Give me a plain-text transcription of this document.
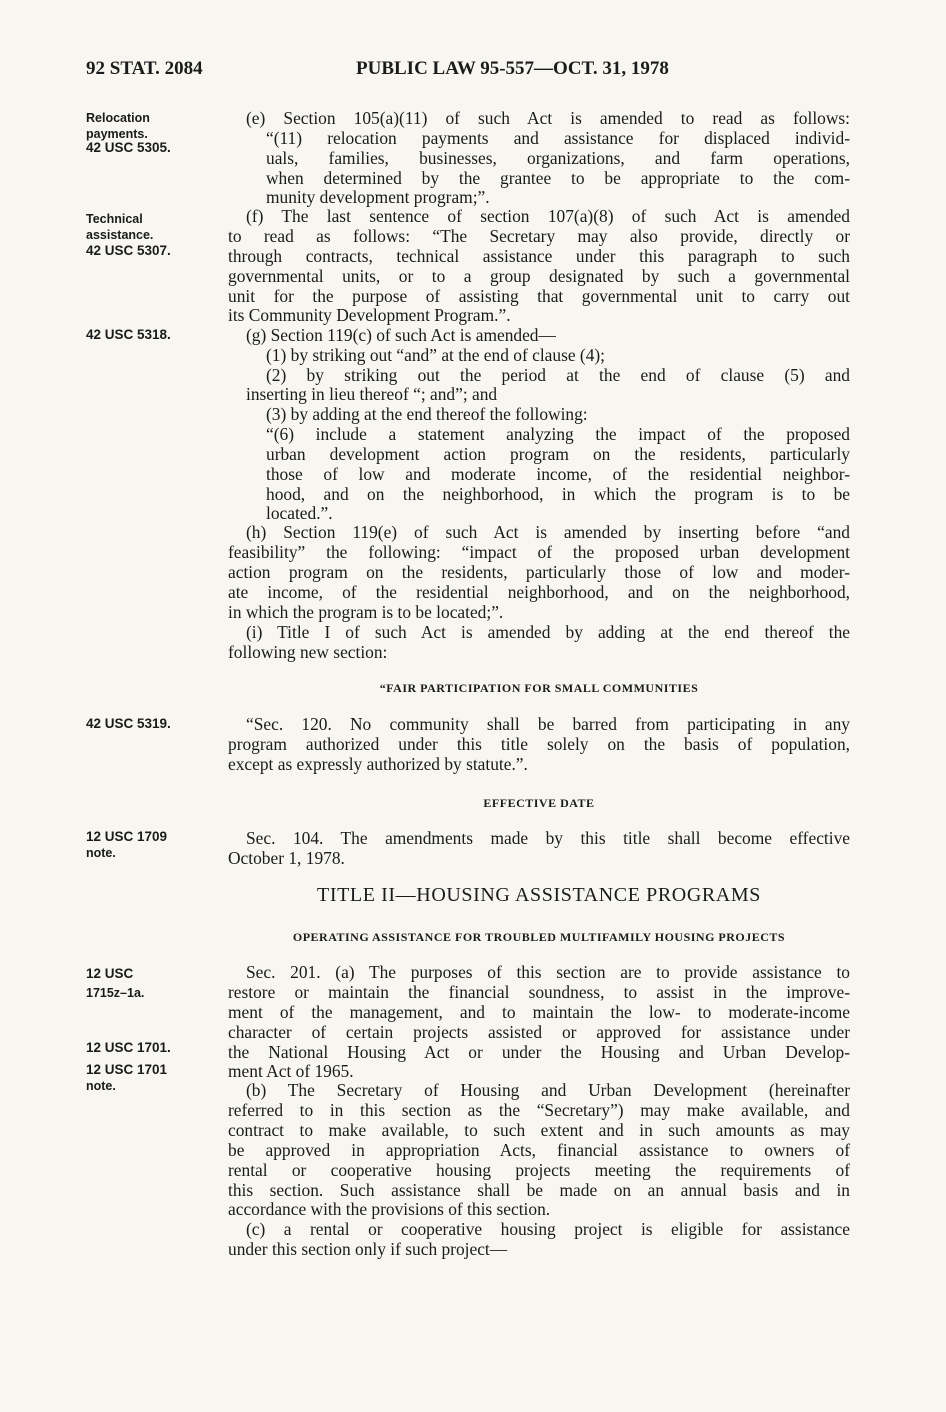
92 STAT. 2084	PUBLIC LAW 95-557—OCT. 31, 1978
Relocation
payments.
42 USC 5305.
Technical
assistance.
42 USC 5307.
42 USC 5318.
42 USC 5319.
12 USC 1709
note.
12 USC
1715z–1a.
12 USC 1701.
12 USC 1701
note.
(e) Section 105(a)(11) of such Act is amended to read as follows:
“(11) relocation payments and assistance for displaced individ-
uals, families, businesses, organizations, and farm operations,
when determined by the grantee to be appropriate to the com-
munity development program;”.
(f) The last sentence of section 107(a)(8) of such Act is amended
to read as follows: “The Secretary may also provide, directly or
through contracts, technical assistance under this paragraph to such
governmental units, or to a group designated by such a governmental
unit for the purpose of assisting that governmental unit to carry out
its Community Development Program.”.
(g) Section 119(c) of such Act is amended—
(1) by striking out “and” at the end of clause (4);
(2) by striking out the period at the end of clause (5) and
inserting in lieu thereof “; and”; and
(3) by adding at the end thereof the following:
“(6) include a statement analyzing the impact of the proposed
urban development action program on the residents, particularly
those of low and moderate income, of the residential neighbor-
hood, and on the neighborhood, in which the program is to be
located.”.
(h) Section 119(e) of such Act is amended by inserting before “and
feasibility” the following: “impact of the proposed urban development
action program on the residents, particularly those of low and moder-
ate income, of the residential neighborhood, and on the neighborhood,
in which the program is to be located;”.
(i) Title I of such Act is amended by adding at the end thereof the
following new section:
“FAIR PARTICIPATION FOR SMALL COMMUNITIES
“Sec. 120. No community shall be barred from participating in any
program authorized under this title solely on the basis of population,
except as expressly authorized by statute.”.
EFFECTIVE DATE
Sec. 104. The amendments made by this title shall become effective
October 1, 1978.
TITLE II—HOUSING ASSISTANCE PROGRAMS
OPERATING ASSISTANCE FOR TROUBLED MULTIFAMILY HOUSING PROJECTS
Sec. 201. (a) The purposes of this section are to provide assistance to
restore or maintain the financial soundness, to assist in the improve-
ment of the management, and to maintain the low- to moderate-income
character of certain projects assisted or approved for assistance under
the National Housing Act or under the Housing and Urban Develop-
ment Act of 1965.
(b) The Secretary of Housing and Urban Development (hereinafter
referred to in this section as the “Secretary”) may make available, and
contract to make available, to such extent and in such amounts as may
be approved in appropriation Acts, financial assistance to owners of
rental or cooperative housing projects meeting the requirements of
this section. Such assistance shall be made on an annual basis and in
accordance with the provisions of this section.
(c) a rental or cooperative housing project is eligible for assistance
under this section only if such project—
